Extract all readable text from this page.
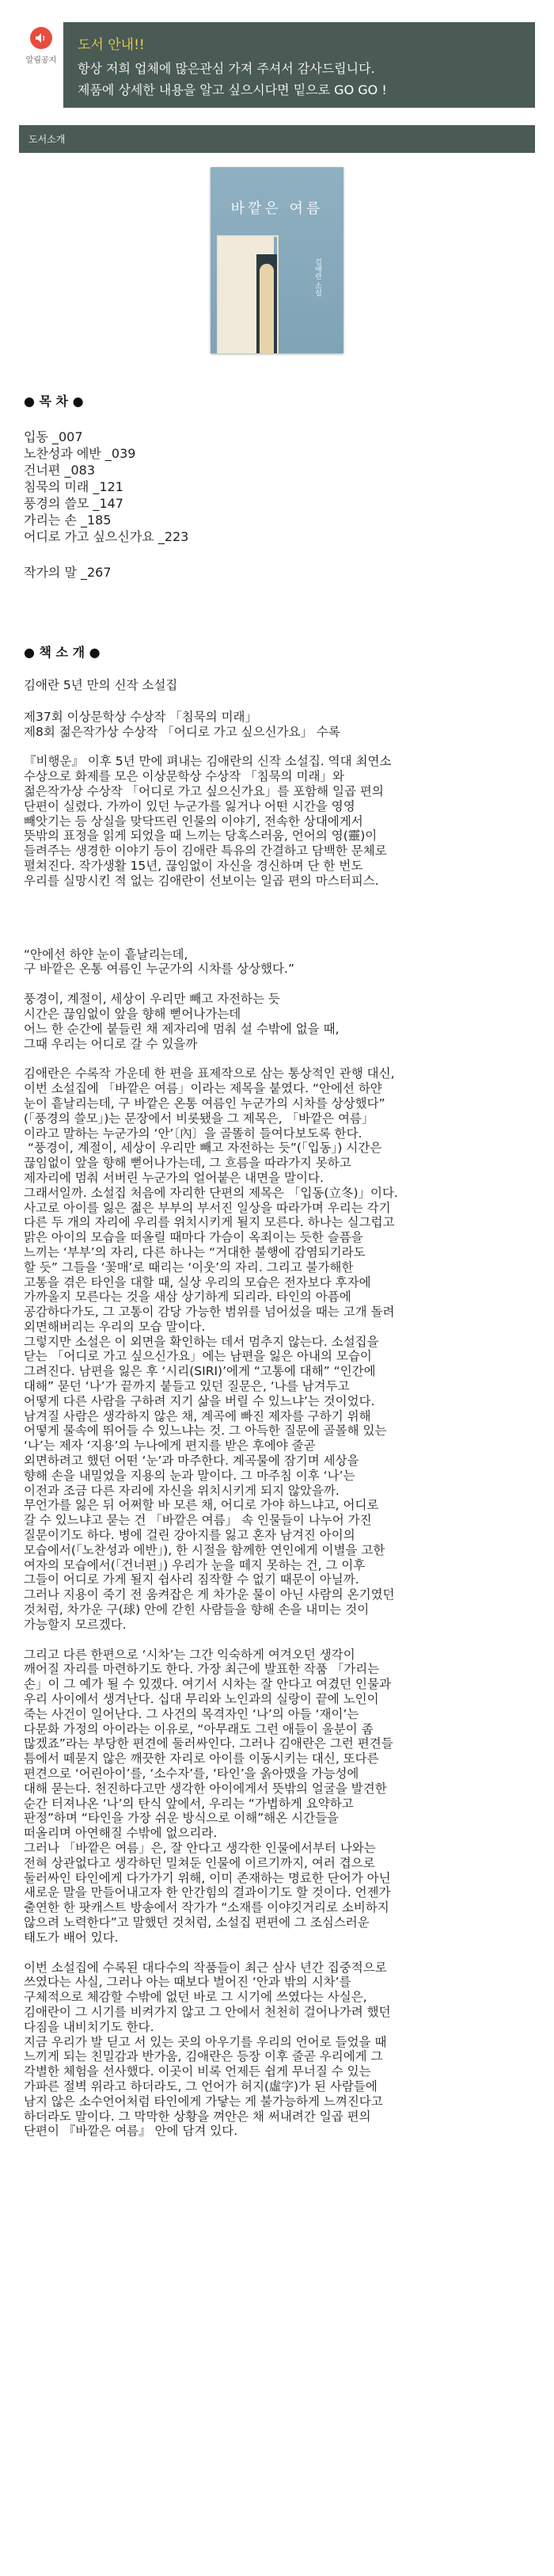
알림공지
도서 안내!!
항상 저희 업체에 많은관심 가져 주셔서 감사드립니다.
제품에 상세한 내용을 알고 싶으시다면 밑으로 GO GO !
도서소개
바깥은 여름
김애란 소설
● 목 차 ●
입동 _007
노찬성과 에반 _039
건너편 _083
침묵의 미래 _121
풍경의 쓸모 _147
가리는 손 _185
어디로 가고 싶으신가요 _223
작가의 말 _267
● 책 소 개 ●
김애란 5년 만의 신작 소설집
제37회 이상문학상 수상작 「침묵의 미래」
제8회 젊은작가상 수상작 「어디로 가고 싶으신가요」 수록
『비행운』 이후 5년 만에 펴내는 김애란의 신작 소설집. 역대 최연소
수상으로 화제를 모은 이상문학상 수상작 「침묵의 미래」와
젊은작가상 수상작 「어디로 가고 싶으신가요」를 포함해 일곱 편의
단편이 실렸다. 가까이 있던 누군가를 잃거나 어떤 시간을 영영
빼앗기는 등 상실을 맞닥뜨린 인물의 이야기, 전속한 상대에게서
뜻밖의 표정을 읽게 되었을 때 느끼는 당혹스러움, 언어의 영(靈)이
들려주는 생경한 이야기 등이 김애란 특유의 간결하고 담백한 문체로
펼쳐진다. 작가생활 15년, 끊임없이 자신을 경신하며 단 한 번도
우리를 실망시킨 적 없는 김애란이 선보이는 일곱 편의 마스터피스.
“안에선 하얀 눈이 흩날리는데,
구 바깥은 온통 여름인 누군가의 시차를 상상했다.”
풍경이, 계절이, 세상이 우리만 빼고 자전하는 듯
시간은 끊임없이 앞을 향해 뻗어나가는데
어느 한 순간에 붙들린 채 제자리에 멈춰 설 수밖에 없을 때,
그때 우리는 어디로 갈 수 있을까
김애란은 수록작 가운데 한 편을 표제작으로 삼는 통상적인 관행 대신,
이번 소설집에 「바깥은 여름」이라는 제목을 붙였다. “안에선 하얀
눈이 흩날리는데, 구 바깥은 온통 여름인 누군가의 시차를 상상했다”
(「풍경의 쓸모」)는 문장에서 비롯됐을 그 제목은, 「바깥은 여름」
이라고 말하는 누군가의 ‘안’〔內〕을 골똘히 들여다보도록 한다.
“풍경이, 계절이, 세상이 우리만 빼고 자전하는 듯”(「입동」) 시간은
끊임없이 앞을 향해 뻗어나가는데, 그 흐름을 따라가지 못하고
제자리에 멈춰 서버린 누군가의 얼어붙은 내면을 말이다.
그래서일까. 소설집 처음에 자리한 단편의 제목은 「입동(立冬)」이다.
사고로 아이를 잃은 젊은 부부의 부서진 일상을 따라가며 우리는 각기
다른 두 개의 자리에 우리를 위치시키게 될지 모른다. 하나는 실그럽고
맑은 아이의 모습을 떠올릴 때마다 가슴이 옥죄이는 듯한 슬픔을
느끼는 ‘부부’의 자리, 다른 하나는 “거대한 불행에 감염되기라도
할 듯” 그들을 ‘꽃매’로 때리는 ‘이웃’의 자리. 그리고 불가해한
고통을 겪은 타인을 대할 때, 실상 우리의 모습은 전자보다 후자에
가까울지 모른다는 것을 새삼 상기하게 되리라. 타인의 아픔에
공감하다가도, 그 고통이 감당 가능한 범위를 넘어섰을 때는 고개 돌려
외면해버리는 우리의 모습 말이다.
그렇지만 소설은 이 외면을 확인하는 데서 멈추지 않는다. 소설집을
닫는 「어디로 가고 싶으신가요」에는 남편을 잃은 아내의 모습이
그려진다. 남편을 잃은 후 ‘시리(SIRI)’에게 “고통에 대해” “인간에
대해” 묻던 ‘나’가 끝까지 붙들고 있던 질문은, ‘나를 남겨두고
어떻게 다른 사람을 구하려 지기 삶을 버릴 수 있느냐’는 것이었다.
남겨질 사람은 생각하지 않은 채, 계곡에 빠진 제자를 구하기 위해
어떻게 물속에 뛰어들 수 있느냐는 것. 그 아득한 질문에 골몰해 있는
‘나’는 제자 ‘지용’의 누나에게 편지를 받은 후에야 줄곧
외면하려고 했던 어떤 ‘눈’과 마주한다. 계곡물에 잠기며 세상을
향해 손을 내밀었을 지용의 눈과 말이다. 그 마주침 이후 ‘나’는
이전과 조금 다른 자리에 자신을 위치시키게 되지 않았을까.
무언가를 잃은 뒤 어쩌할 바 모른 채, 어디로 가야 하느냐고, 어디로
갈 수 있느냐고 묻는 건 「바깥은 여름」 속 인물들이 나누어 가진
질문이기도 하다. 병에 걸린 강아지를 잃고 혼자 남겨진 아이의
모습에서(「노찬성과 에반」), 한 시절을 함께한 연인에게 이별을 고한
여자의 모습에서(「건너편」) 우리가 눈을 떼지 못하는 건, 그 이후
그들이 어디로 가게 될지 쉽사리 짐작할 수 없기 때문이 아닐까.
그러나 지용이 죽기 전 움켜잡은 게 차가운 물이 아닌 사람의 온기였던
것처럼, 차가운 구(球) 안에 갇힌 사람들을 향해 손을 내미는 것이
가능할지 모르겠다.
그리고 다른 한편으로 ‘시차’는 그간 익숙하게 여겨오던 생각이
깨어질 자리를 마련하기도 한다. 가장 최근에 발표한 작품 「가리는
손」이 그 예가 될 수 있겠다. 여기서 시차는 잘 안다고 여겼던 인물과
우리 사이에서 생겨난다. 십대 무리와 노인과의 실랑이 끝에 노인이
죽는 사건이 일어난다. 그 사건의 목격자인 ‘나’의 아들 ‘재이’는
다문화 가정의 아이라는 이유로, “아무래도 그런 애들이 울분이 좀
많겠죠”라는 부당한 편견에 둘러싸인다. 그러나 김애란은 그런 편견들
틈에서 떼묻지 않은 깨끗한 자리로 아이를 이동시키는 대신, 또다른
편견으로 ‘어린아이’를, ‘소수자’를, ‘타인’을 옭아맸을 가능성에
대해 묻는다. 천진하다고만 생각한 아이에게서 뜻밖의 얼굴을 발견한
순간 터져나온 ‘나’의 탄식 앞에서, 우리는 “가볍하게 요약하고
판정”하며 “타인을 가장 쉬운 방식으로 이해”해온 시간들을
떠올리며 아연해질 수밖에 없으리라.
그러나 「바깥은 여름」은, 잘 안다고 생각한 인물에서부터 나와는
전혀 상관없다고 생각하던 밀쳐둔 인물에 이르기까지, 여러 겹으로
둘러싸인 타인에게 다가가기 위해, 이미 존재하는 명료한 단어가 아닌
새로운 말을 만들어내고자 한 안간힘의 결과이기도 할 것이다. 언젠가
출연한 한 팟캐스트 방송에서 작가가 “소재를 이야깃거리로 소비하지
않으려 노력한다”고 말했던 것처럼, 소설집 편편에 그 조심스러운
태도가 배어 있다.
이번 소설집에 수록된 대다수의 작품들이 최근 삼사 년간 집중적으로
쓰였다는 사실, 그러나 아는 때보다 벌어진 ‘안과 밖의 시차’를
구체적으로 체감할 수밖에 없던 바로 그 시기에 쓰였다는 사실은,
김애란이 그 시기를 비켜가지 않고 그 안에서 천천히 걸어나가려 했던
다짐을 내비치기도 한다.
지금 우리가 발 딛고 서 있는 곳의 아우기를 우리의 언어로 들었을 때
느끼게 되는 친밀감과 반가움, 김애란은 등장 이후 줄곧 우리에게 그
각별한 체험을 선사했다. 이곳이 비록 언제든 쉽게 무너질 수 있는
가파른 절벽 위라고 하더라도, 그 언어가 허지(虛字)가 된 사람들에
남지 않은 소수언어처럼 타인에게 가닿는 게 불가능하게 느껴진다고
하더라도 말이다. 그 막막한 상황을 껴안은 채 써내려간 일곱 편의
단편이 『바깥은 여름』 안에 담겨 있다.
